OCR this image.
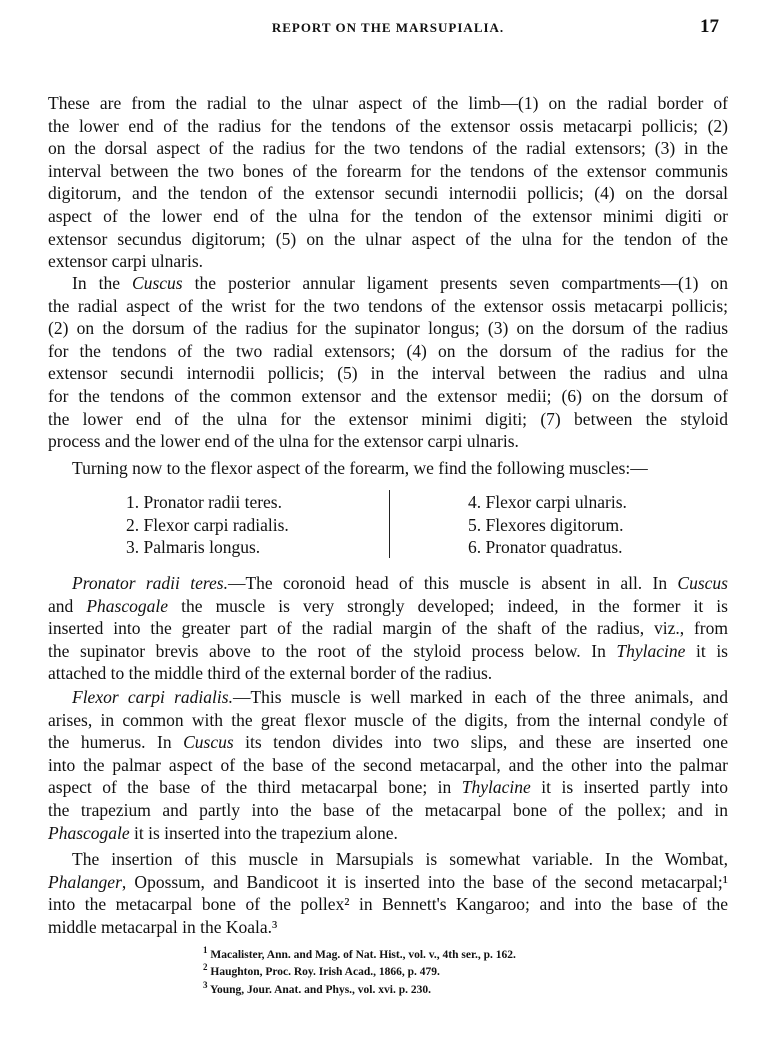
REPORT ON THE MARSUPIALIA.	17
These are from the radial to the ulnar aspect of the limb—(1) on the radial border of
the lower end of the radius for the tendons of the extensor ossis metacarpi pollicis; (2)
on the dorsal aspect of the radius for the two tendons of the radial extensors; (3) in the
interval between the two bones of the forearm for the tendons of the extensor communis
digitorum, and the tendon of the extensor secundi internodii pollicis; (4) on the dorsal
aspect of the lower end of the ulna for the tendon of the extensor minimi digiti or
extensor secundus digitorum; (5) on the ulnar aspect of the ulna for the tendon of the
extensor carpi ulnaris.
In the Cuscus the posterior annular ligament presents seven compartments—(1) on
the radial aspect of the wrist for the two tendons of the extensor ossis metacarpi pollicis;
(2) on the dorsum of the radius for the supinator longus; (3) on the dorsum of the radius
for the tendons of the two radial extensors; (4) on the dorsum of the radius for the
extensor secundi internodii pollicis; (5) in the interval between the radius and ulna
for the tendons of the common extensor and the extensor medii; (6) on the dorsum of
the lower end of the ulna for the extensor minimi digiti; (7) between the styloid
process and the lower end of the ulna for the extensor carpi ulnaris.
Turning now to the flexor aspect of the forearm, we find the following muscles:—
Pronator radii teres.—The coronoid head of this muscle is absent in all. In Cuscus
and Phascogale the muscle is very strongly developed; indeed, in the former it is
inserted into the greater part of the radial margin of the shaft of the radius, viz., from
the supinator brevis above to the root of the styloid process below. In Thylacine it is
attached to the middle third of the external border of the radius.
Flexor carpi radialis.—This muscle is well marked in each of the three animals, and
arises, in common with the great flexor muscle of the digits, from the internal condyle of
the humerus. In Cuscus its tendon divides into two slips, and these are inserted one
into the palmar aspect of the base of the second metacarpal, and the other into the palmar
aspect of the base of the third metacarpal bone; in Thylacine it is inserted partly into
the trapezium and partly into the base of the metacarpal bone of the pollex; and in
Phascogale it is inserted into the trapezium alone.
The insertion of this muscle in Marsupials is somewhat variable. In the Wombat,
Phalanger, Opossum, and Bandicoot it is inserted into the base of the second metacarpal;¹
into the metacarpal bone of the pollex² in Bennett's Kangaroo; and into the base of the
middle metacarpal in the Koala.³
1. Pronator radii teres.
2. Flexor carpi radialis.
3. Palmaris longus.
4. Flexor carpi ulnaris.
5. Flexores digitorum.
6. Pronator quadratus.
$^1$ Macalister, Ann. and Mag. of Nat. Hist., vol. v., 4th ser., p. 162.
$^2$ Haughton, Proc. Roy. Irish Acad., 1866, p. 479.
$^3$ Young, Jour. Anat. and Phys., vol. xvi. p. 230.
